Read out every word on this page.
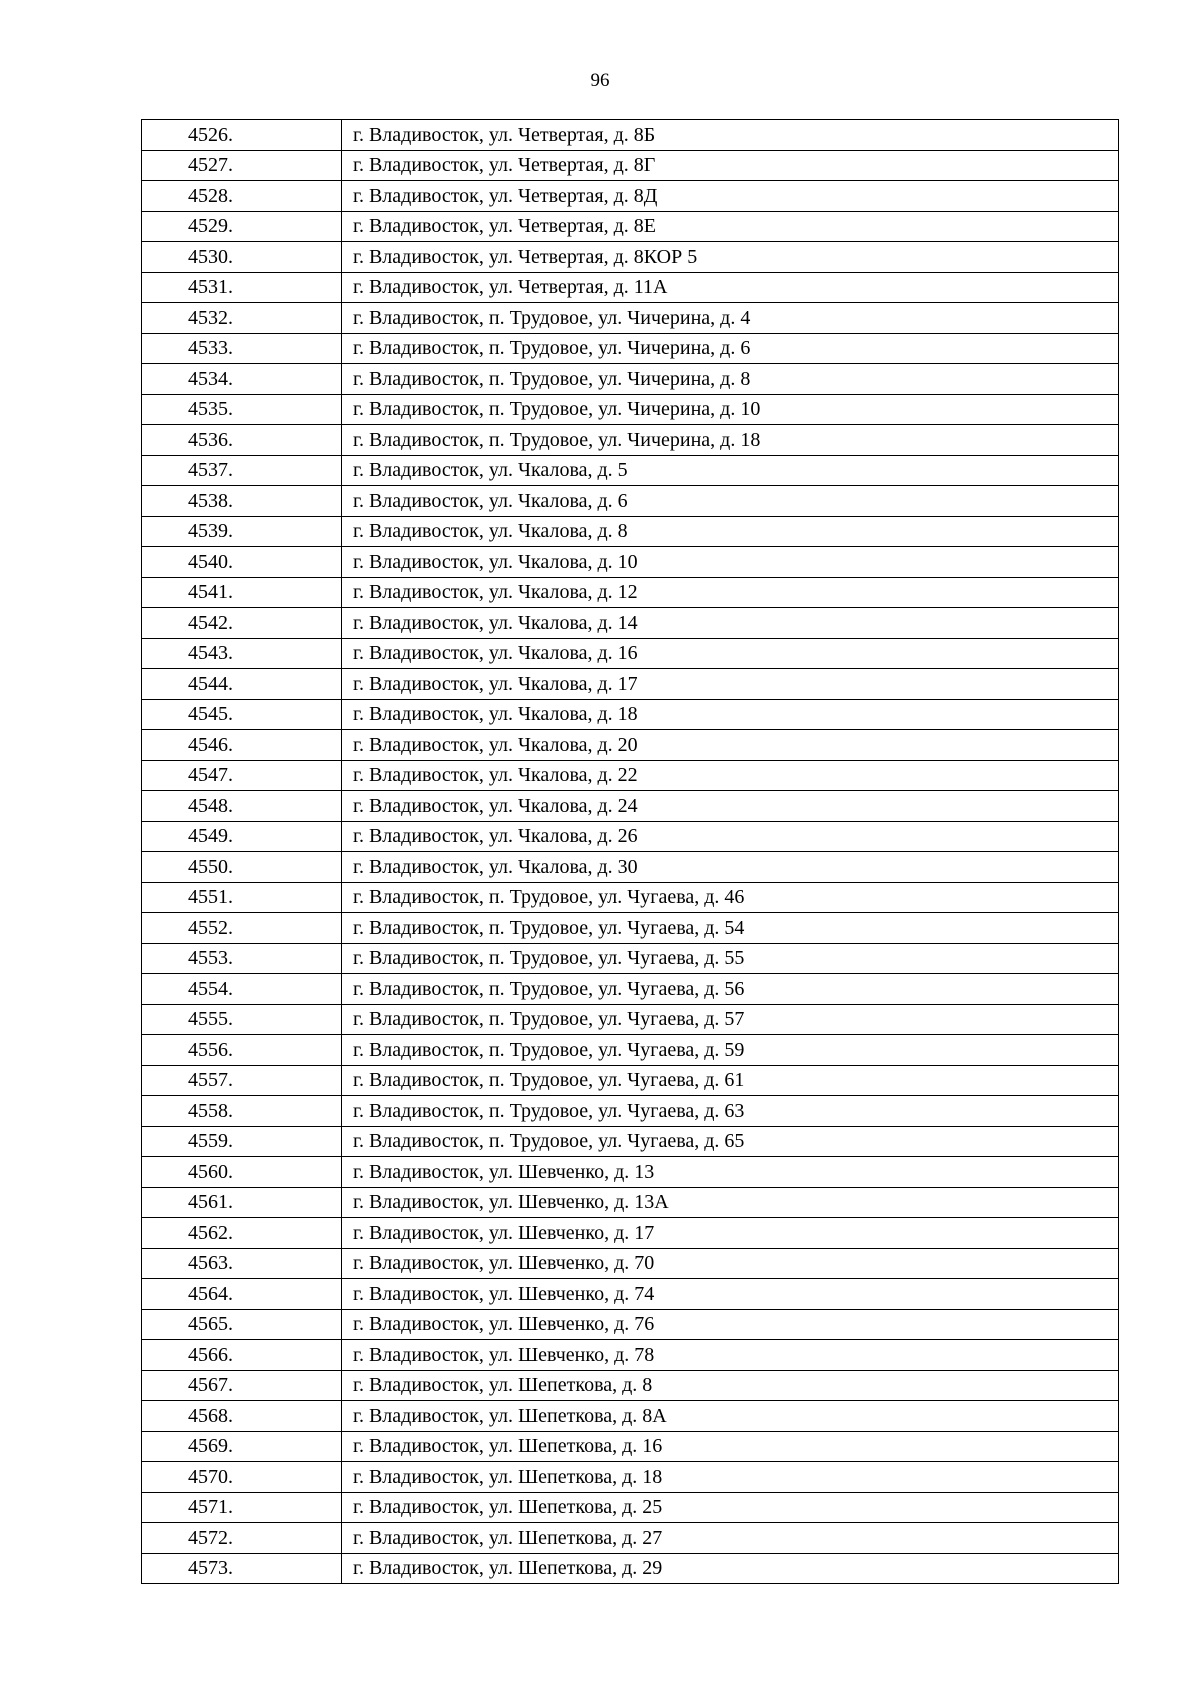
96
4526.	г. Владивосток, ул. Четвертая, д. 8Б
4527.	г. Владивосток, ул. Четвертая, д. 8Г
4528.	г. Владивосток, ул. Четвертая, д. 8Д
4529.	г. Владивосток, ул. Четвертая, д. 8Е
4530.	г. Владивосток, ул. Четвертая, д. 8КОР 5
4531.	г. Владивосток, ул. Четвертая, д. 11А
4532.	г. Владивосток, п. Трудовое, ул. Чичерина, д. 4
4533.	г. Владивосток, п. Трудовое, ул. Чичерина, д. 6
4534.	г. Владивосток, п. Трудовое, ул. Чичерина, д. 8
4535.	г. Владивосток, п. Трудовое, ул. Чичерина, д. 10
4536.	г. Владивосток, п. Трудовое, ул. Чичерина, д. 18
4537.	г. Владивосток, ул. Чкалова, д. 5
4538.	г. Владивосток, ул. Чкалова, д. 6
4539.	г. Владивосток, ул. Чкалова, д. 8
4540.	г. Владивосток, ул. Чкалова, д. 10
4541.	г. Владивосток, ул. Чкалова, д. 12
4542.	г. Владивосток, ул. Чкалова, д. 14
4543.	г. Владивосток, ул. Чкалова, д. 16
4544.	г. Владивосток, ул. Чкалова, д. 17
4545.	г. Владивосток, ул. Чкалова, д. 18
4546.	г. Владивосток, ул. Чкалова, д. 20
4547.	г. Владивосток, ул. Чкалова, д. 22
4548.	г. Владивосток, ул. Чкалова, д. 24
4549.	г. Владивосток, ул. Чкалова, д. 26
4550.	г. Владивосток, ул. Чкалова, д. 30
4551.	г. Владивосток, п. Трудовое, ул. Чугаева, д. 46
4552.	г. Владивосток, п. Трудовое, ул. Чугаева, д. 54
4553.	г. Владивосток, п. Трудовое, ул. Чугаева, д. 55
4554.	г. Владивосток, п. Трудовое, ул. Чугаева, д. 56
4555.	г. Владивосток, п. Трудовое, ул. Чугаева, д. 57
4556.	г. Владивосток, п. Трудовое, ул. Чугаева, д. 59
4557.	г. Владивосток, п. Трудовое, ул. Чугаева, д. 61
4558.	г. Владивосток, п. Трудовое, ул. Чугаева, д. 63
4559.	г. Владивосток, п. Трудовое, ул. Чугаева, д. 65
4560.	г. Владивосток, ул. Шевченко, д. 13
4561.	г. Владивосток, ул. Шевченко, д. 13А
4562.	г. Владивосток, ул. Шевченко, д. 17
4563.	г. Владивосток, ул. Шевченко, д. 70
4564.	г. Владивосток, ул. Шевченко, д. 74
4565.	г. Владивосток, ул. Шевченко, д. 76
4566.	г. Владивосток, ул. Шевченко, д. 78
4567.	г. Владивосток, ул. Шепеткова, д. 8
4568.	г. Владивосток, ул. Шепеткова, д. 8А
4569.	г. Владивосток, ул. Шепеткова, д. 16
4570.	г. Владивосток, ул. Шепеткова, д. 18
4571.	г. Владивосток, ул. Шепеткова, д. 25
4572.	г. Владивосток, ул. Шепеткова, д. 27
4573.	г. Владивосток, ул. Шепеткова, д. 29
